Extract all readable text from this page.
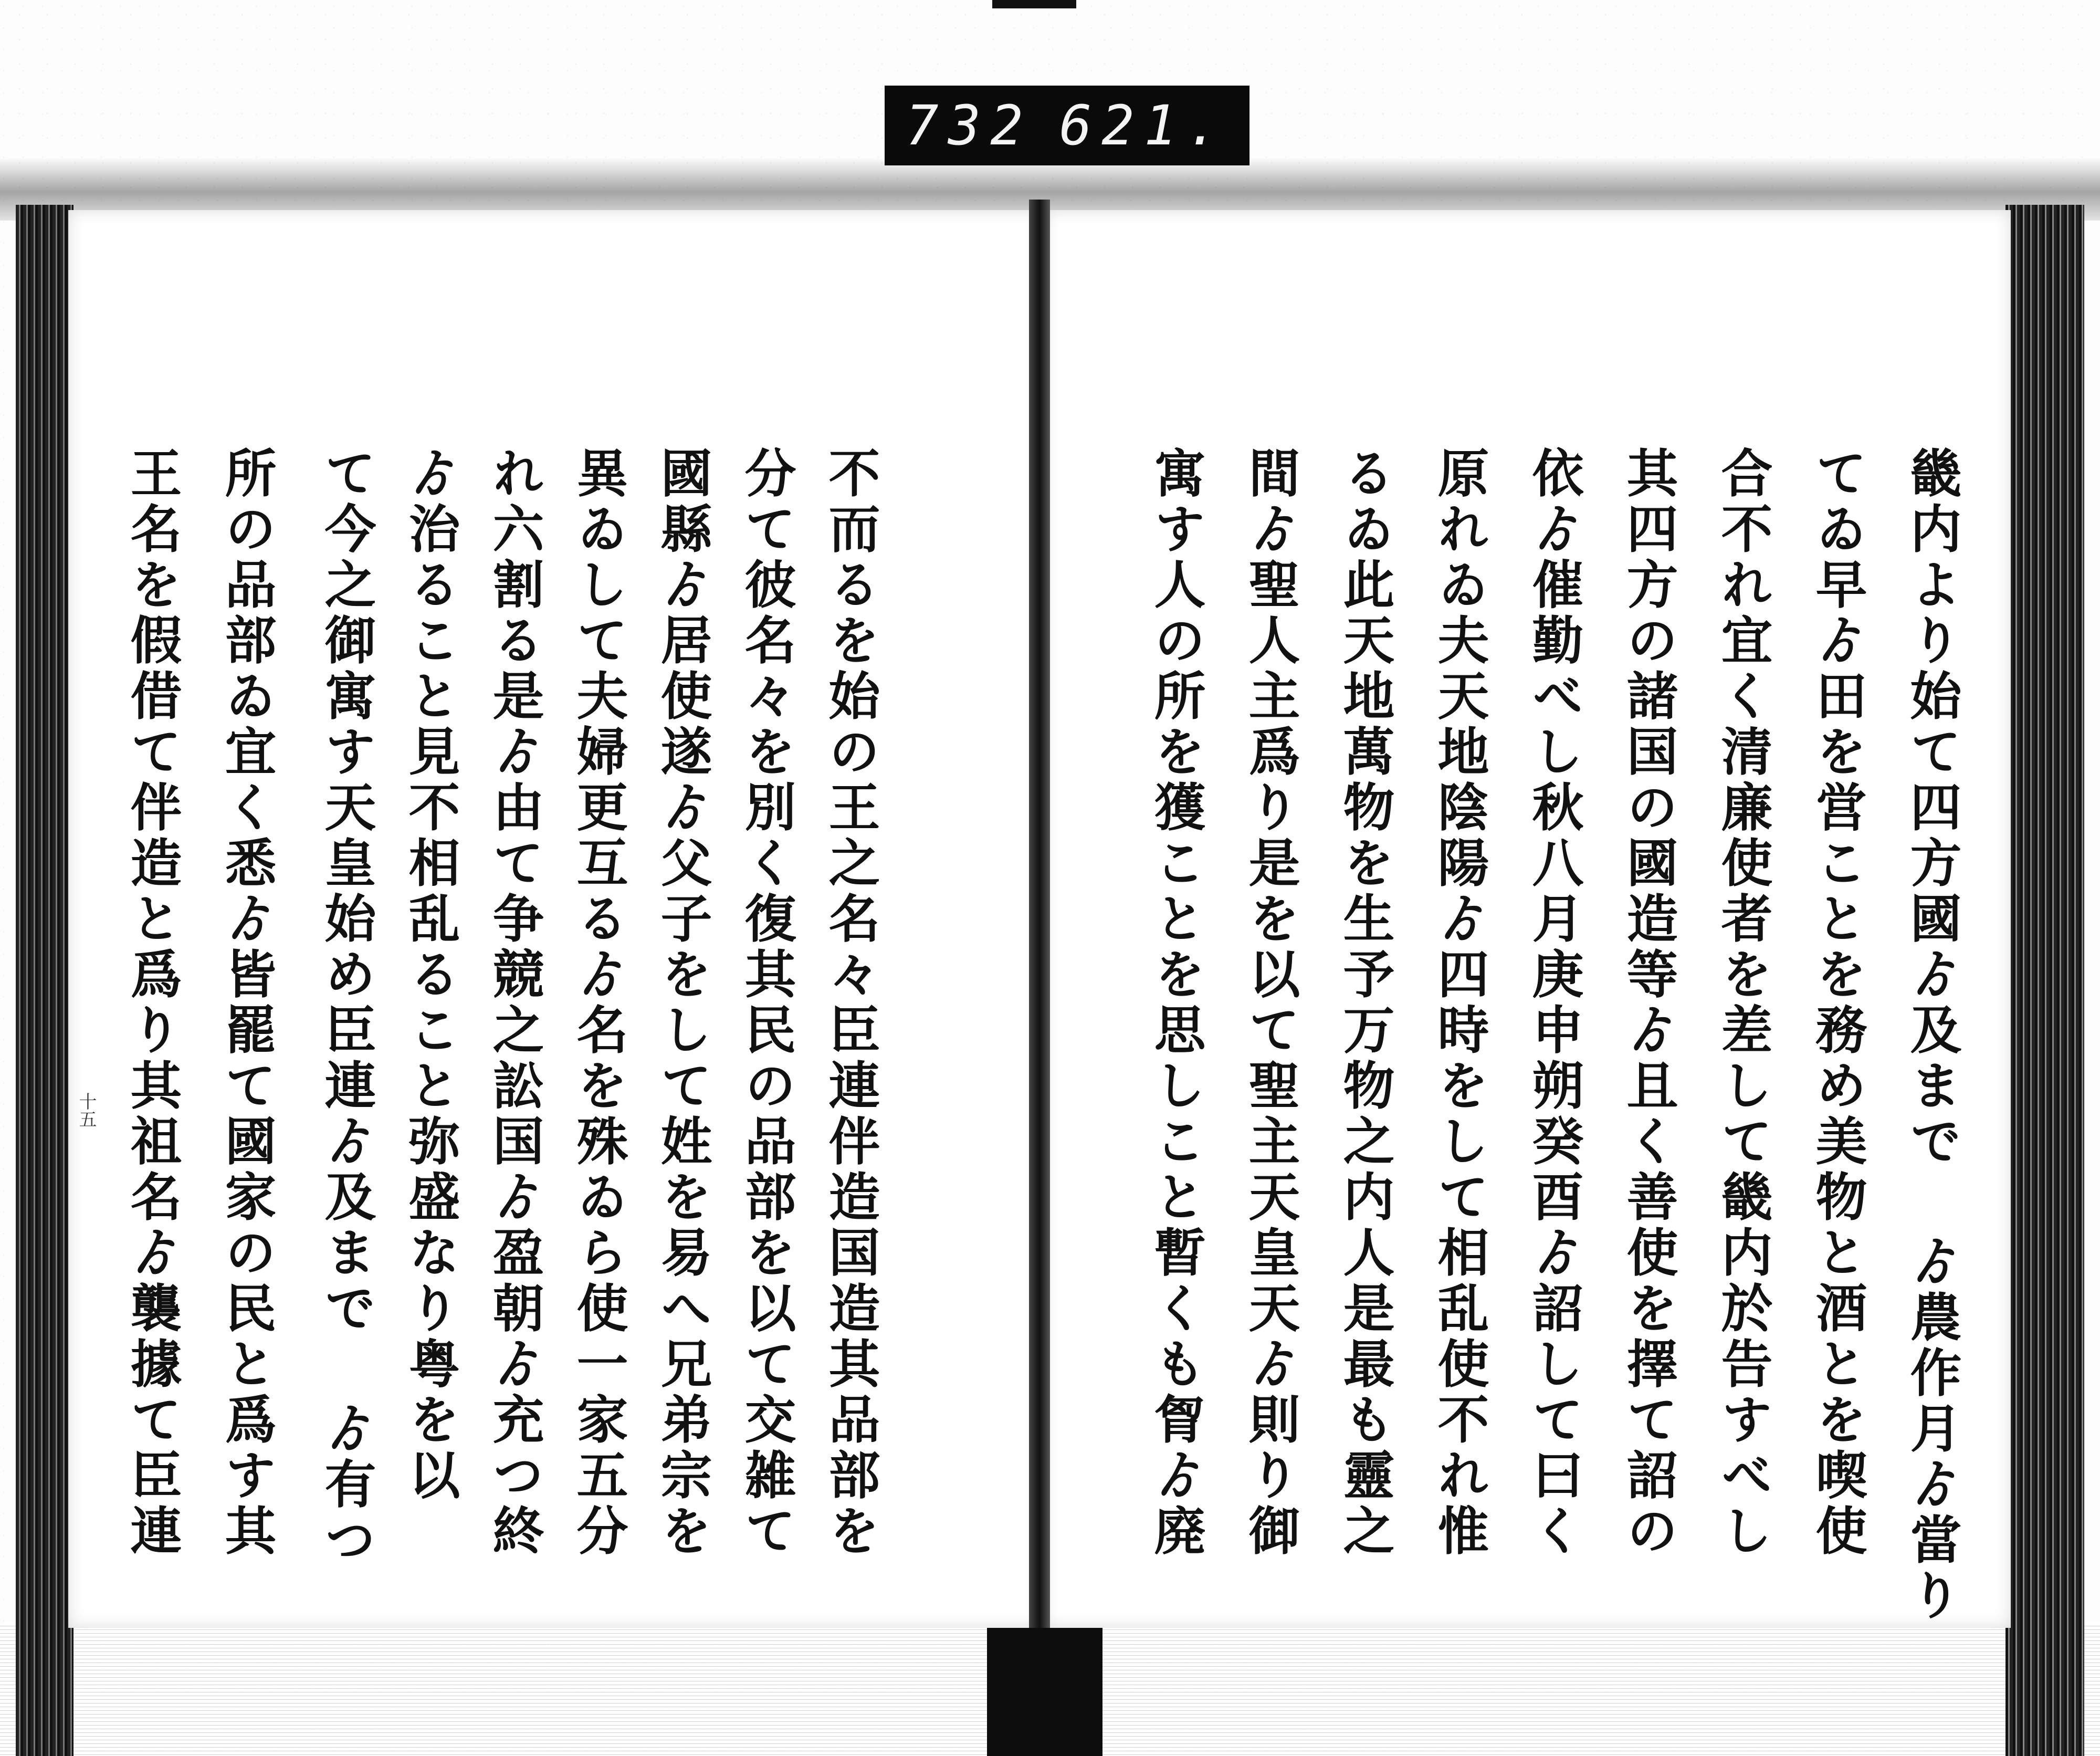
732 621.
畿内より始て四方國ゟ及まで ゟ農作月ゟ當り
てゐ早ゟ田を営ことを務め美物と酒とを喫使
合不れ宜く清廉使者を差して畿内於告すべし
其四方の諸国の國造等ゟ且く善使を擇て詔の
依ゟ催勤べし秋八月庚申朔癸酉ゟ詔して曰く
原れゐ夫天地陰陽ゟ四時をして相乱使不れ惟
るゐ此天地萬物を生予万物之内人是最も靈之
間ゟ聖人主爲り是を以て聖主天皇天ゟ則り御
寓す人の所を獲ことを思しこと暫くも胷ゟ廃
不而るを始の王之名々臣連伴造国造其品部を
分て彼名々を別く復其民の品部を以て交雑て
國縣ゟ居使遂ゟ父子をして姓を易へ兄弟宗を
異ゐして夫婦更互るゟ名を殊ゐら使一家五分
れ六割る是ゟ由て争競之訟国ゟ盈朝ゟ充つ終
ゟ治ること見不相乱ること弥盛なり粤を以
て今之御寓す天皇始め臣連ゟ及まで ゟ有つ
所の品部ゐ宜く悉ゟ皆罷て國家の民と爲す其
王名を假借て伴造と爲り其祖名ゟ襲據て臣連
十五
